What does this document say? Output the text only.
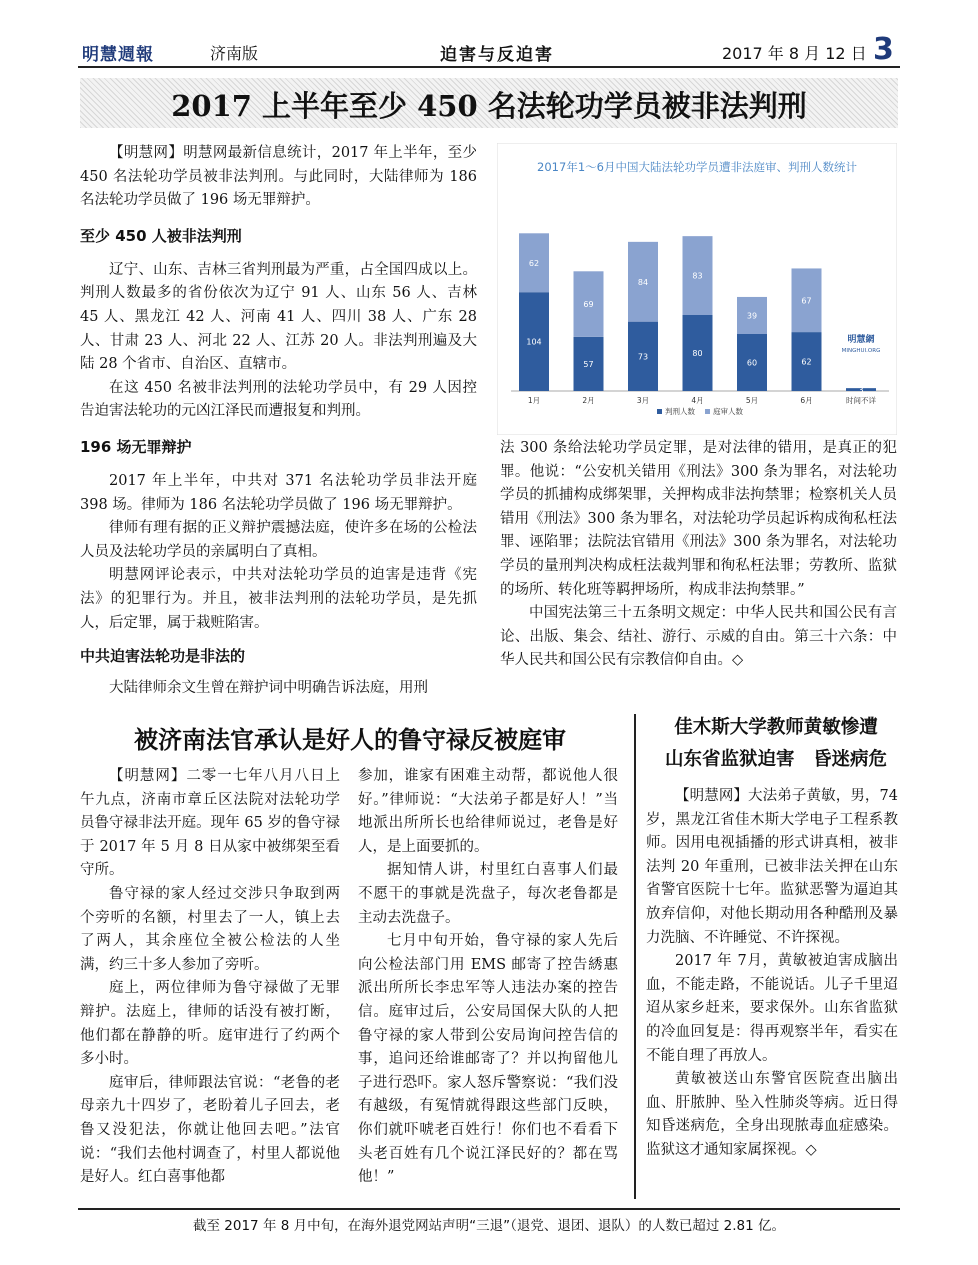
明慧週報	济南版	迫害与反迫害	2017 年 8 月 12 日 3
2017 上半年至少 450 名法轮功学员被非法判刑

【明慧网】明慧网最新信息统计，2017 年上半年，至少 450 名法轮功学员被非法判刑。与此同时，大陆律师为 186 名法轮功学员做了 196 场无罪辩护。

至少 450 人被非法判刑

辽宁、山东、吉林三省判刑最为严重，占全国四成以上。判刑人数最多的省份依次为辽宁 91 人、山东 56 人、吉林 45 人、黑龙江 42 人、河南 41 人、四川 38 人、广东 28 人、甘肃 23 人、河北 22 人、江苏 20 人。非法判刑遍及大陆 28 个省市、自治区、直辖市。

在这 450 名被非法判刑的法轮功学员中，有 29 人因控告迫害法轮功的元凶江泽民而遭报复和判刑。

196 场无罪辩护

2017 年上半年，中共对 371 名法轮功学员非法开庭 398 场。律师为 186 名法轮功学员做了 196 场无罪辩护。

律师有理有据的正义辩护震撼法庭，使许多在场的公检法人员及法轮功学员的亲属明白了真相。

明慧网评论表示，中共对法轮功学员的迫害是违背《宪法》的犯罪行为。并且，被非法判刑的法轮功学员，是先抓人，后定罪，属于栽赃陷害。

中共迫害法轮功是非法的

大陆律师余文生曾在辩护词中明确告诉法庭，用刑

2017年1～6月中国大陆法轮功学员遭非法庭审、判刑人数统计
104
62
57
69
73
84
80
83
60
39
62
67
3
1月	2月	3月	4月	5月	6月	时间不详
明慧網
MINGHUI.ORG
判刑人数 庭审人数

法 300 条给法轮功学员定罪，是对法律的错用，是真正的犯罪。他说：“公安机关错用《刑法》300 条为罪名，对法轮功学员的抓捕构成绑架罪，关押构成非法拘禁罪；检察机关人员错用《刑法》300 条为罪名，对法轮功学员起诉构成徇私枉法罪、诬陷罪；法院法官错用《刑法》300 条为罪名，对法轮功学员的量刑判决构成枉法裁判罪和徇私枉法罪；劳教所、监狱的场所、转化班等羁押场所，构成非法拘禁罪。”

中国宪法第三十五条明文规定：中华人民共和国公民有言论、出版、集会、结社、游行、示威的自由。第三十六条：中华人民共和国公民有宗教信仰自由。◇

被济南法官承认是好人的鲁守禄反被庭审

【明慧网】二零一七年八月八日上午九点，济南市章丘区法院对法轮功学员鲁守禄非法开庭。现年 65 岁的鲁守禄于 2017 年 5 月 8 日从家中被绑架至看守所。

鲁守禄的家人经过交涉只争取到两个旁听的名额，村里去了一人，镇上去了两人，其余座位全被公检法的人坐满，约三十多人参加了旁听。

庭上，两位律师为鲁守禄做了无罪辩护。法庭上，律师的话没有被打断，他们都在静静的听。庭审进行了约两个多小时。

庭审后，律师跟法官说：“老鲁的老母亲九十四岁了，老盼着儿子回去，老鲁又没犯法，你就让他回去吧。”法官说：“我们去他村调查了，村里人都说他是好人。红白喜事他都

参加，谁家有困难主动帮，都说他人很好。”律师说：“大法弟子都是好人！”当地派出所所长也给律师说过，老鲁是好人，是上面要抓的。

据知情人讲，村里红白喜事人们最不愿干的事就是洗盘子，每次老鲁都是主动去洗盘子。

七月中旬开始，鲁守禄的家人先后向公检法部门用 EMS 邮寄了控告綉惠派出所所长李忠军等人违法办案的控告信。庭审过后，公安局国保大队的人把鲁守禄的家人带到公安局询问控告信的事，追问还给谁邮寄了？并以拘留他儿子进行恐吓。家人怒斥警察说：“我们没有越级，有冤情就得跟这些部门反映，你们就吓唬老百姓行！你们也不看看下头老百姓有几个说江泽民好的？都在骂他！”

佳木斯大学教师黄敏惨遭
山东省监狱迫害　昏迷病危

【明慧网】大法弟子黄敏，男，74 岁，黑龙江省佳木斯大学电子工程系教师。因用电视插播的形式讲真相，被非法判 20 年重刑，已被非法关押在山东省警官医院十七年。监狱恶警为逼迫其放弃信仰，对他长期动用各种酷刑及暴力洗脑、不许睡觉、不许探视。

2017 年 7月，黄敏被迫害成脑出血，不能走路，不能说话。儿子千里迢迢从家乡赶来，要求保外。山东省监狱的冷血回复是：得再观察半年，看实在不能自理了再放人。

黄敏被送山东警官医院查出脑出血、肝脓肿、坠入性肺炎等病。近日得知昏迷病危，全身出现脓毒血症感染。监狱这才通知家属探视。◇

截至 2017 年 8 月中旬，在海外退党网站声明“三退”（退党、退团、退队）的人数已超过 2.81 亿。
